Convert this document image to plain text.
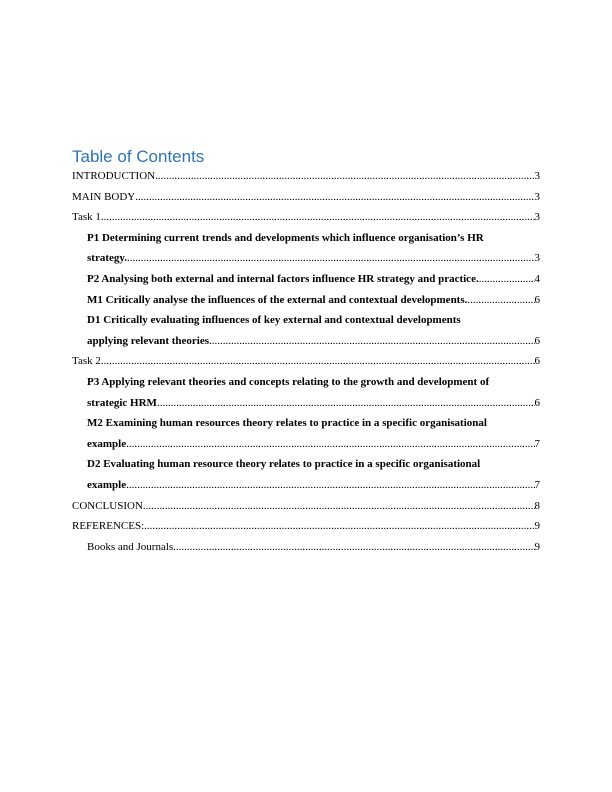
Table of Contents
INTRODUCTION .....	3
MAIN BODY .....	3
Task 1 .....	3
P1 Determining current trends and developments which influence organisation’s HR
strategy. .....	3
P2 Analysing both external and internal factors influence HR strategy and practice. .....	4
M1 Critically analyse the influences of the external and contextual developments. .....	6
D1 Critically evaluating influences of key external and contextual developments
applying relevant theories .....	6
Task 2 .....	6
P3 Applying relevant theories and concepts relating to the growth and development of
strategic HRM .....	6
M2 Examining human resources theory relates to practice in a specific organisational
example .....	7
D2 Evaluating human resource theory relates to practice in a specific organisational
example .....	7
CONCLUSION .....	8
REFERENCES: .....	9
Books and Journals .....	9
